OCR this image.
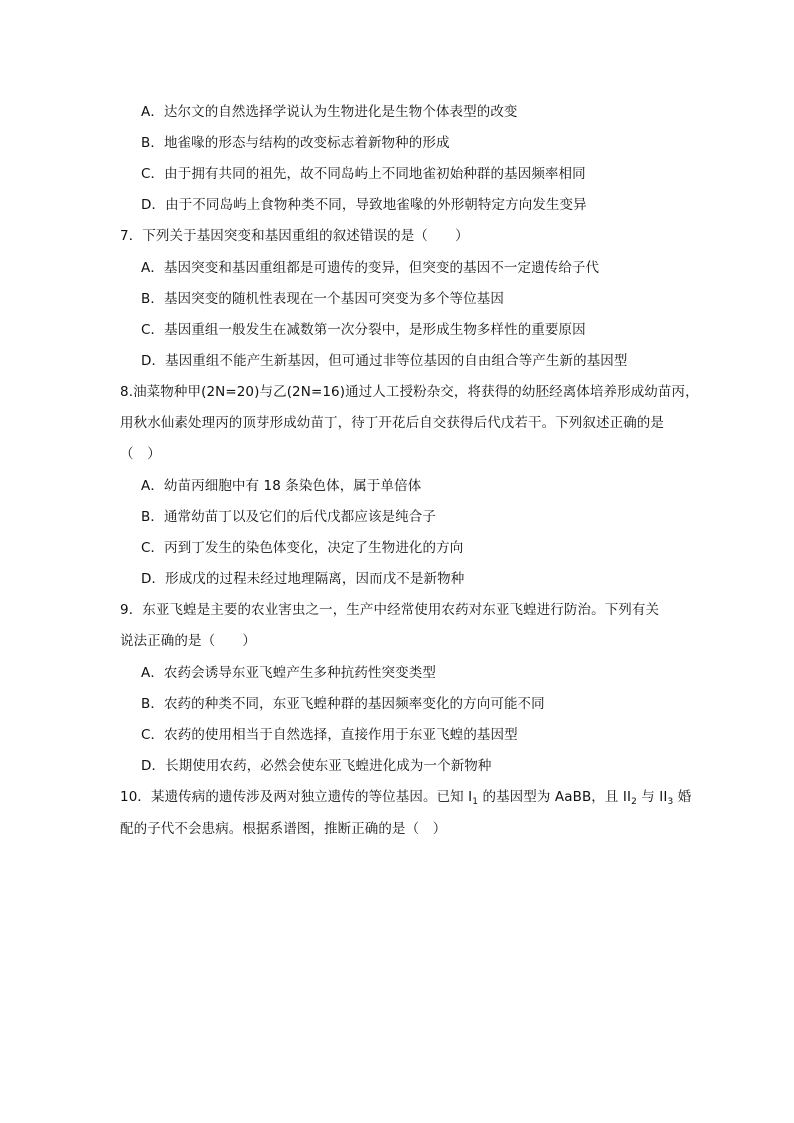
A．达尔文的自然选择学说认为生物进化是生物个体表型的改变
B．地雀喙的形态与结构的改变标志着新物种的形成
C．由于拥有共同的祖先，故不同岛屿上不同地雀初始种群的基因频率相同
D．由于不同岛屿上食物种类不同，导致地雀喙的外形朝特定方向发生变异
7．下列关于基因突变和基因重组的叙述错误的是（　　）
A．基因突变和基因重组都是可遗传的变异，但突变的基因不一定遗传给子代
B．基因突变的随机性表现在一个基因可突变为多个等位基因
C．基因重组一般发生在减数第一次分裂中，是形成生物多样性的重要原因
D．基因重组不能产生新基因，但可通过非等位基因的自由组合等产生新的基因型
8.油菜物种甲(2N=20)与乙(2N=16)通过人工授粉杂交，将获得的幼胚经离体培养形成幼苗丙，
用秋水仙素处理丙的顶芽形成幼苗丁，待丁开花后自交获得后代戊若干。下列叙述正确的是
（　）
A．幼苗丙细胞中有 18 条染色体，属于单倍体
B．通常幼苗丁以及它们的后代戊都应该是纯合子
C．丙到丁发生的染色体变化，决定了生物进化的方向
D．形成戊的过程未经过地理隔离，因而戊不是新物种
9．东亚飞蝗是主要的农业害虫之一，生产中经常使用农药对东亚飞蝗进行防治。下列有关
说法正确的是（　　）
A．农药会诱导东亚飞蝗产生多种抗药性突变类型
B．农药的种类不同，东亚飞蝗种群的基因频率变化的方向可能不同
C．农药的使用相当于自然选择，直接作用于东亚飞蝗的基因型
D．长期使用农药，必然会使东亚飞蝗进化成为一个新物种
10．某遗传病的遗传涉及两对独立遗传的等位基因。已知 $I_1$ 的基因型为 AaBB，且 $II_2$ 与 $II_3$ 婚
配的子代不会患病。根据系谱图，推断正确的是（　）
